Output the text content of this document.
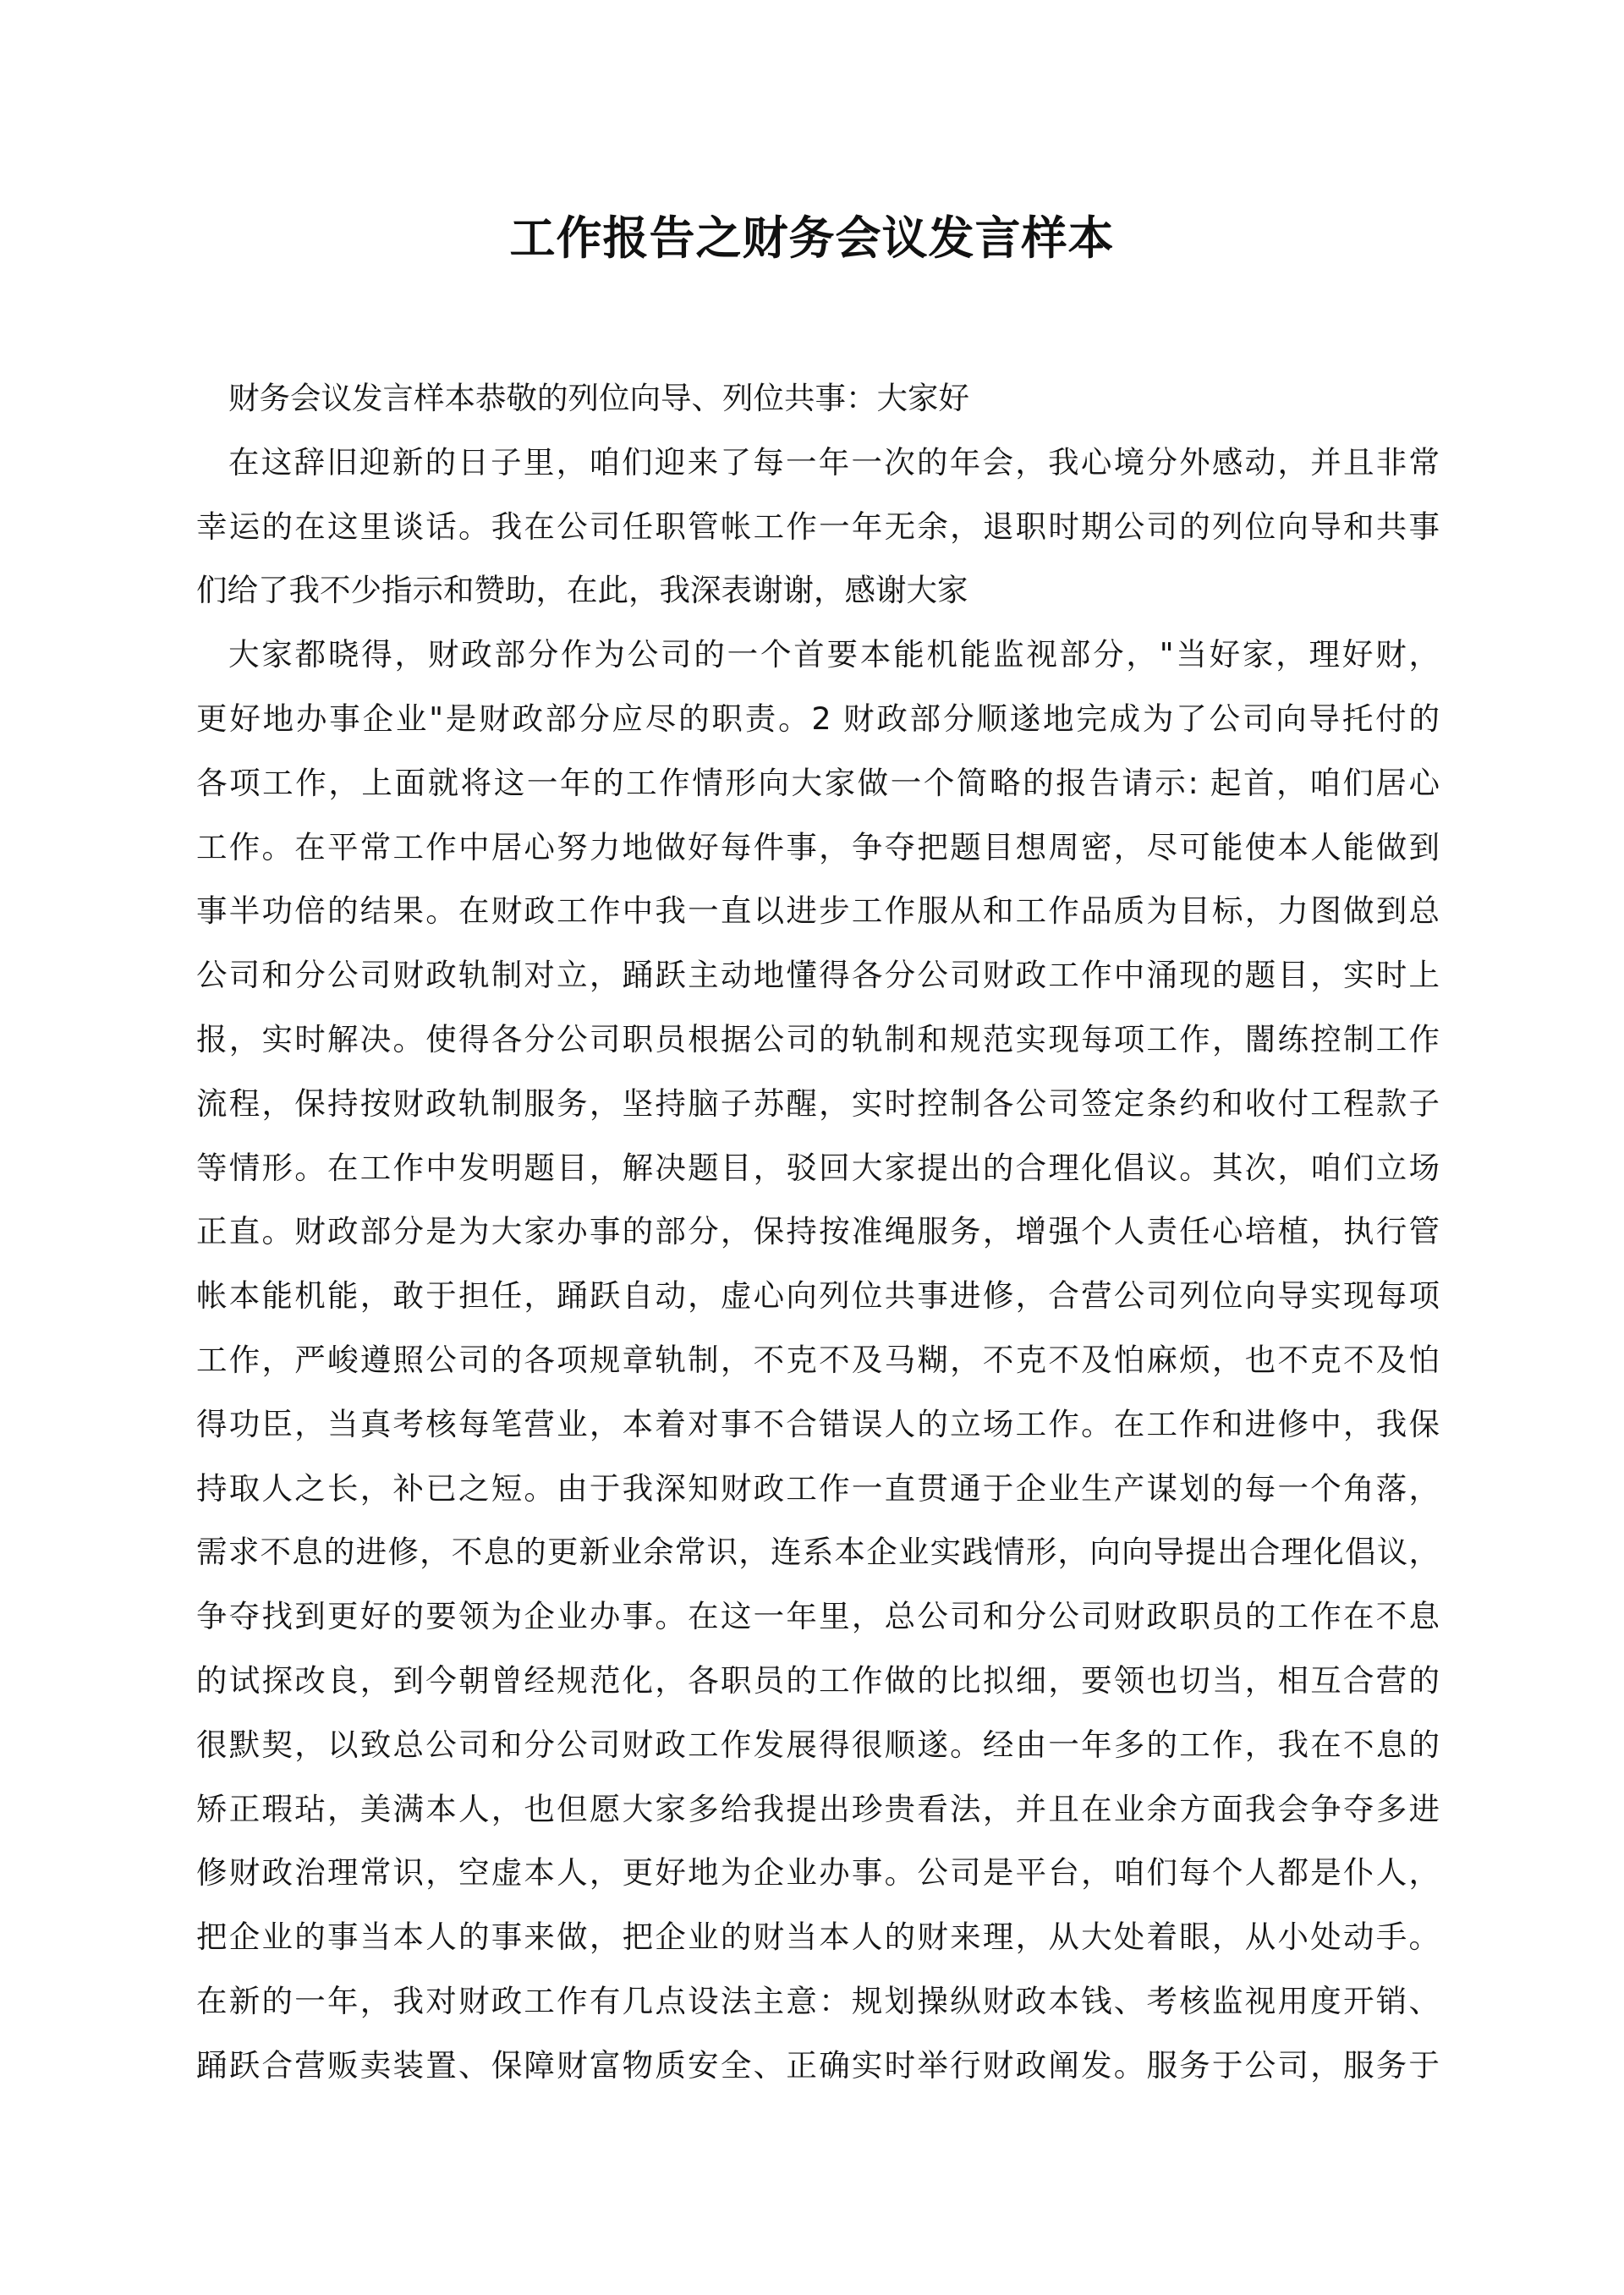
工作报告之财务会议发言样本
财务会议发言样本恭敬的列位向导、列位共事：大家好
在这辞旧迎新的日子里，咱们迎来了每一年一次的年会，我心境分外感动，并且非常
幸运的在这里谈话。我在公司任职管帐工作一年无余，退职时期公司的列位向导和共事
们给了我不少指示和赞助，在此，我深表谢谢，感谢大家
大家都晓得，财政部分作为公司的一个首要本能机能监视部分，"当好家，理好财，
更好地办事企业"是财政部分应尽的职责。2 财政部分顺遂地完成为了公司向导托付的
各项工作，上面就将这一年的工作情形向大家做一个简略的报告请示: 起首，咱们居心
工作。在平常工作中居心努力地做好每件事，争夺把题目想周密，尽可能使本人能做到
事半功倍的结果。在财政工作中我一直以进步工作服从和工作品质为目标，力图做到总
公司和分公司财政轨制对立，踊跃主动地懂得各分公司财政工作中涌现的题目，实时上
报，实时解决。使得各分公司职员根据公司的轨制和规范实现每项工作，闇练控制工作
流程，保持按财政轨制服务，坚持脑子苏醒，实时控制各公司签定条约和收付工程款子
等情形。在工作中发明题目，解决题目，驳回大家提出的合理化倡议。其次，咱们立场
正直。财政部分是为大家办事的部分，保持按准绳服务，增强个人责任心培植，执行管
帐本能机能，敢于担任，踊跃自动，虚心向列位共事进修，合营公司列位向导实现每项
工作，严峻遵照公司的各项规章轨制，不克不及马糊，不克不及怕麻烦，也不克不及怕
得功臣，当真考核每笔营业，本着对事不合错误人的立场工作。在工作和进修中，我保
持取人之长，补已之短。由于我深知财政工作一直贯通于企业生产谋划的每一个角落，
需求不息的进修，不息的更新业余常识，连系本企业实践情形，向向导提出合理化倡议，
争夺找到更好的要领为企业办事。在这一年里，总公司和分公司财政职员的工作在不息
的试探改良，到今朝曾经规范化，各职员的工作做的比拟细，要领也切当，相互合营的
很默契，以致总公司和分公司财政工作发展得很顺遂。经由一年多的工作，我在不息的
矫正瑕玷，美满本人，也但愿大家多给我提出珍贵看法，并且在业余方面我会争夺多进
修财政治理常识，空虚本人，更好地为企业办事。公司是平台，咱们每个人都是仆人，
把企业的事当本人的事来做，把企业的财当本人的财来理，从大处着眼，从小处动手。
在新的一年，我对财政工作有几点设法主意：规划操纵财政本钱、考核监视用度开销、
踊跃合营贩卖装置、保障财富物质安全、正确实时举行财政阐发。服务于公司，服务于
